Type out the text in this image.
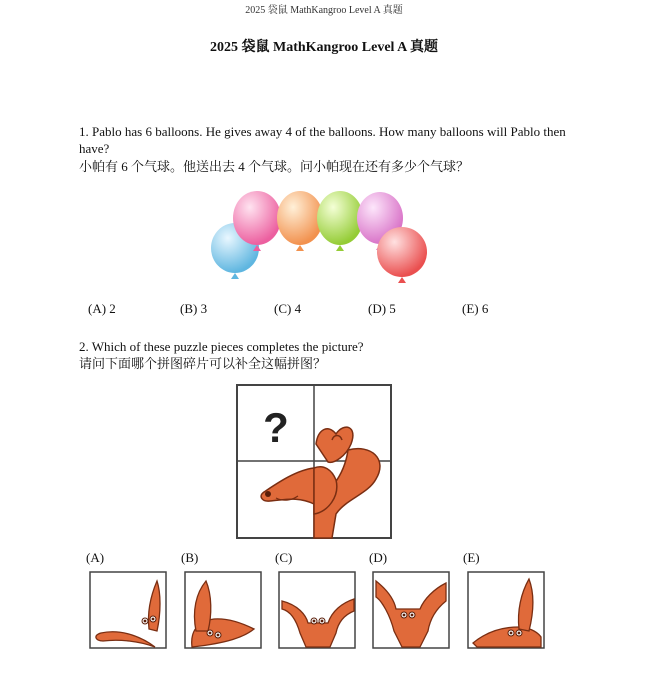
2025 袋鼠 MathKangroo Level A 真题
2025 袋鼠 MathKangroo Level A 真题
1. Pablo has 6 balloons. He gives away 4 of the balloons. How many balloons will Pablo then have?
小帕有 6 个气球。他送出去 4 个气球。问小帕现在还有多少个气球？
(A) 2	(B) 3	(C) 4	(D) 5	(E) 6
2. Which of these puzzle pieces completes the picture?
请问下面哪个拼图碎片可以补全这幅拼图？
?
(A)	(B)	(C)	(D)	(E)
